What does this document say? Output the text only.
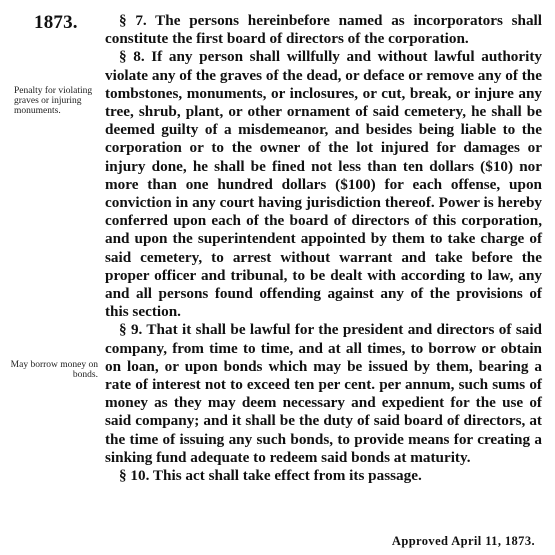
1873.
Penalty for violating graves or injuring monuments.
May borrow money on bonds.

§ 7. The persons hereinbefore named as incorporators shall constitute the first board of directors of the corporation.

§ 8. If any person shall willfully and without lawful authority violate any of the graves of the dead, or deface or remove any of the tombstones, monuments, or inclosures, or cut, break, or injure any tree, shrub, plant, or other ornament of said cemetery, he shall be deemed guilty of a misdemeanor, and besides being liable to the corporation or to the owner of the lot injured for damages or injury done, he shall be fined not less than ten dollars ($10) nor more than one hundred dollars ($100) for each offense, upon conviction in any court having jurisdiction thereof. Power is hereby conferred upon each of the board of directors of this corporation, and upon the superintendent appointed by them to take charge of said cemetery, to arrest without warrant and take before the proper officer and tribunal, to be dealt with according to law, any and all persons found offending against any of the provisions of this section.

§ 9. That it shall be lawful for the president and directors of said company, from time to time, and at all times, to borrow or obtain on loan, or upon bonds which may be issued by them, bearing a rate of interest not to exceed ten per cent. per annum, such sums of money as they may deem necessary and expedient for the use of said company; and it shall be the duty of said board of directors, at the time of issuing any such bonds, to provide means for creating a sinking fund adequate to redeem said bonds at maturity.

§ 10. This act shall take effect from its passage.

Approved April 11, 1873.
